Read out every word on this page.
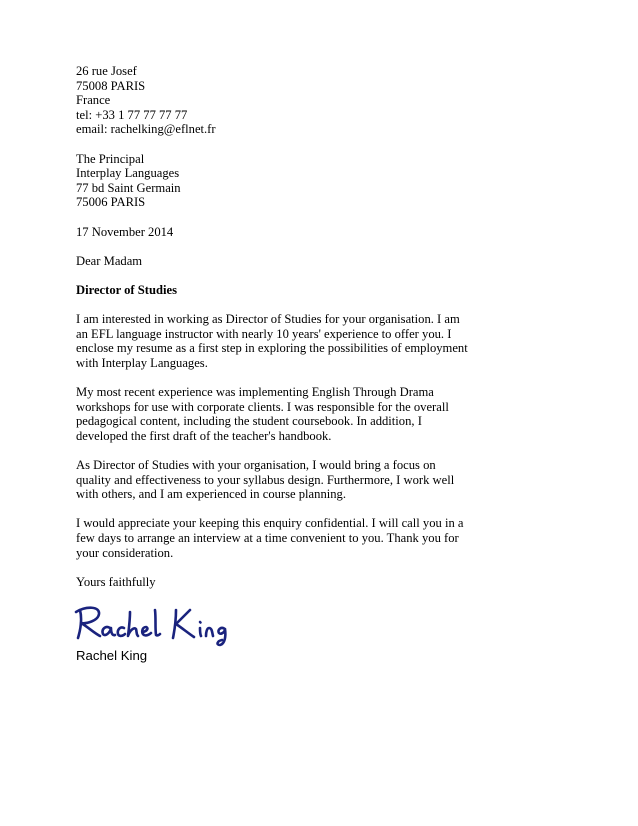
26 rue Josef
75008 PARIS
France
tel: +33 1 77 77 77 77
email: rachelking@eflnet.fr
The Principal
Interplay Languages
77 bd Saint Germain
75006 PARIS
17 November 2014
Dear Madam
Director of Studies
I am interested in working as Director of Studies for your organisation. I am
an EFL language instructor with nearly 10 years' experience to offer you. I
enclose my resume as a first step in exploring the possibilities of employment
with Interplay Languages.
My most recent experience was implementing English Through Drama
workshops for use with corporate clients. I was responsible for the overall
pedagogical content, including the student coursebook. In addition, I
developed the first draft of the teacher's handbook.
As Director of Studies with your organisation, I would bring a focus on
quality and effectiveness to your syllabus design. Furthermore, I work well
with others, and I am experienced in course planning.
I would appreciate your keeping this enquiry confidential. I will call you in a
few days to arrange an interview at a time convenient to you. Thank you for
your consideration.
Yours faithfully
Rachel King
